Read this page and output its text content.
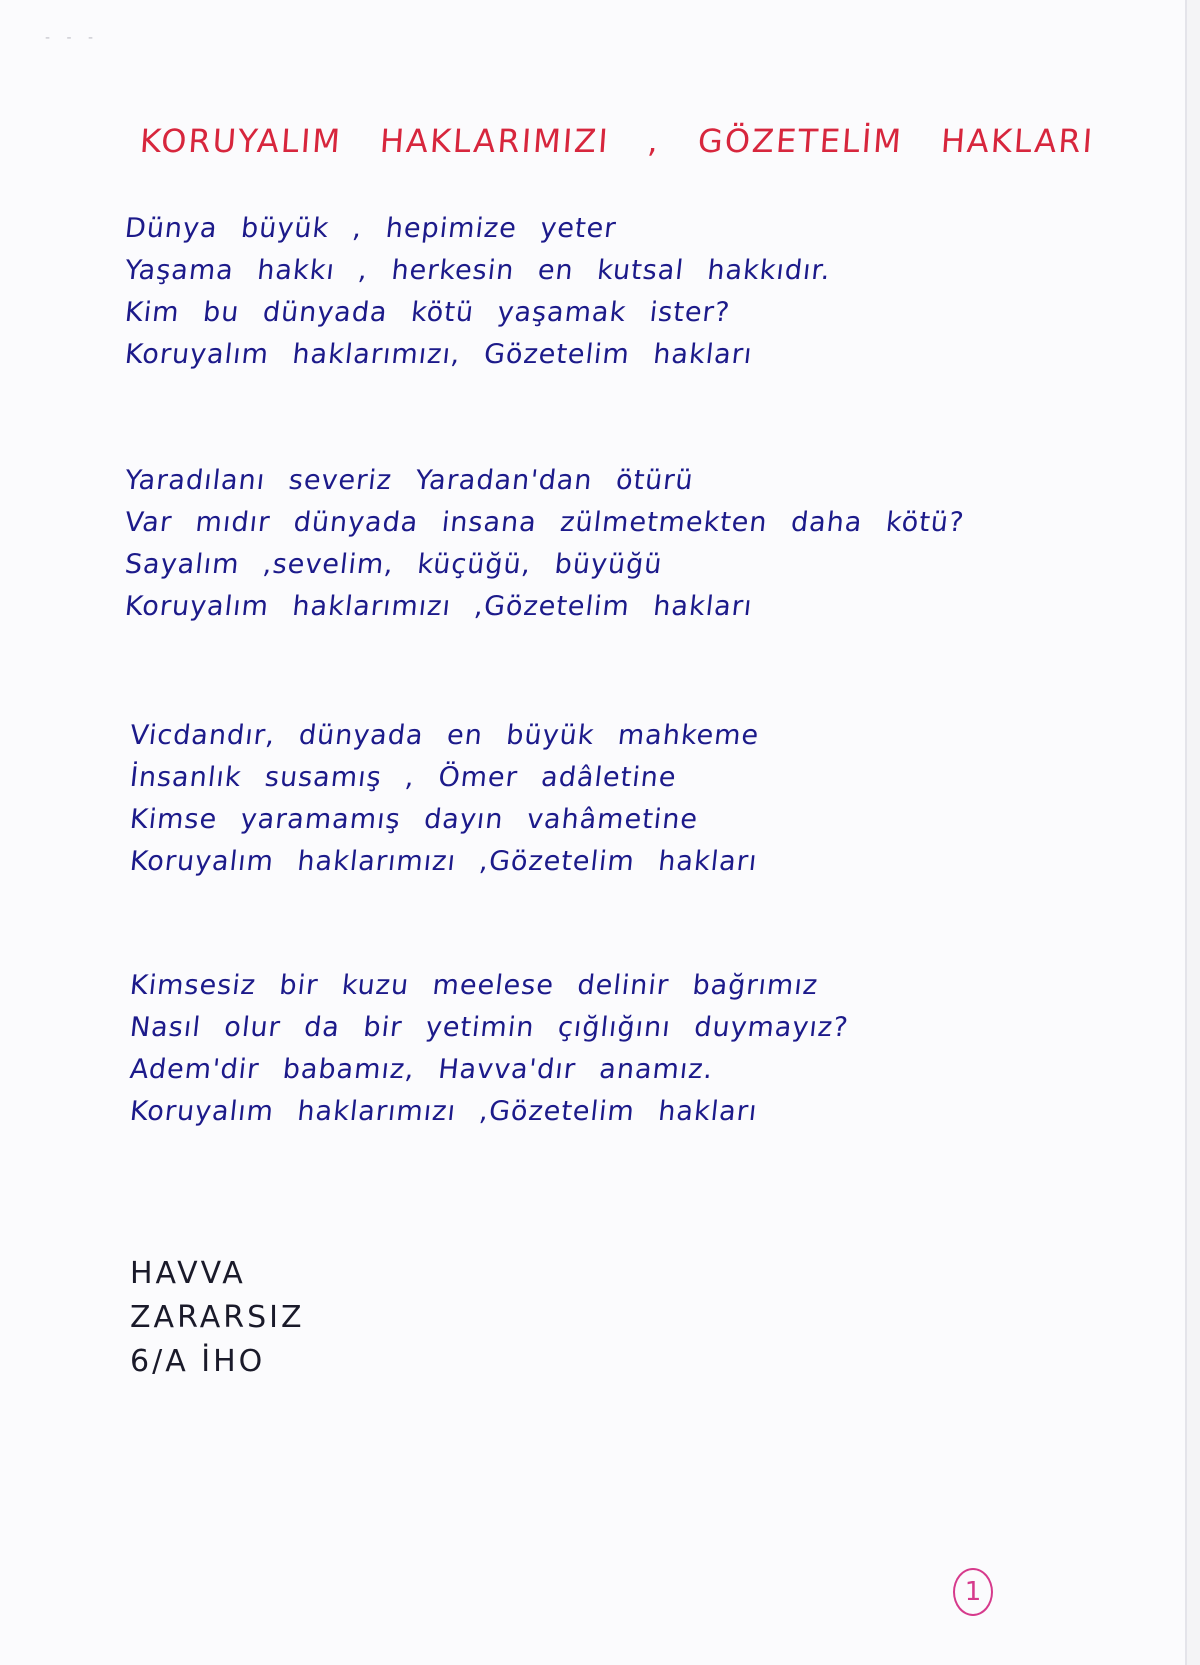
- - -
KORUYALIM HAKLARIMIZI , GÖZETELİM HAKLARI
Dünya büyük , hepimize yeter
Yaşama hakkı , herkesin en kutsal hakkıdır.
Kim bu dünyada kötü yaşamak ister?
Koruyalım haklarımızı, Gözetelim hakları
Yaradılanı severiz Yaradan'dan ötürü
Var mıdır dünyada insana zülmetmekten daha kötü?
Sayalım ,sevelim, küçüğü, büyüğü
Koruyalım haklarımızı ,Gözetelim hakları
Vicdandır, dünyada en büyük mahkeme
İnsanlık susamış , Ömer adâletine
Kimse yaramamış dayın vahâmetine
Koruyalım haklarımızı ,Gözetelim hakları
Kimsesiz bir kuzu meelese delinir bağrımız
Nasıl olur da bir yetimin çığlığını duymayız?
Adem'dir babamız, Havva'dır anamız.
Koruyalım haklarımızı ,Gözetelim hakları
HAVVA
ZARARSIZ
6/A İHO
1
